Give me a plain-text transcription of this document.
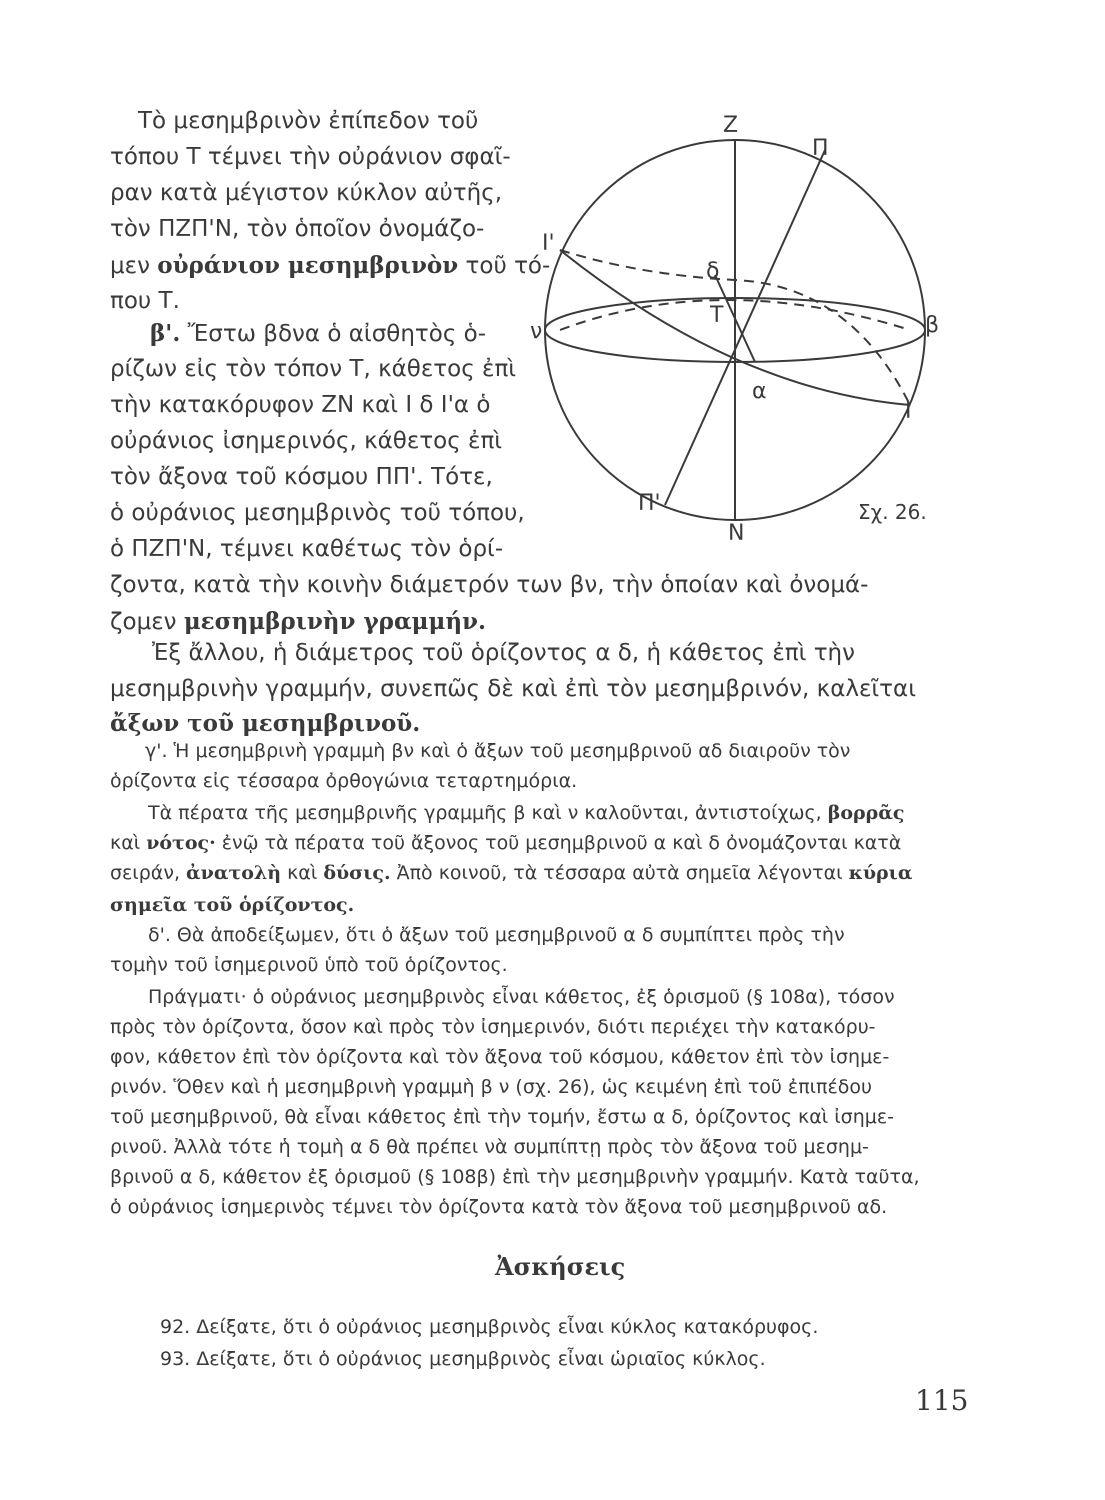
Τὸ μεσημβρινὸν ἐπίπεδον τοῦ
τόπου Τ τέμνει τὴν οὐράνιον σφαῖ-
ραν κατὰ μέγιστον κύκλον αὐτῆς,
τὸν ΠΖΠ'Ν, τὸν ὁποῖον ὀνομάζο-
μεν οὐράνιον μεσημβρινὸν τοῦ τό-
που Τ.
β'. Ἔστω βδνα ὁ αἰσθητὸς ὁ-
ρίζων εἰς τὸν τόπον Τ, κάθετος ἐπὶ
τὴν κατακόρυφον ΖΝ καὶ Ι δ Ι'α ὁ
οὐράνιος ἰσημερινός, κάθετος ἐπὶ
τὸν ἄξονα τοῦ κόσμου ΠΠ'. Τότε,
ὁ οὐράνιος μεσημβρινὸς τοῦ τόπου,
ὁ ΠΖΠ'Ν, τέμνει καθέτως τὸν ὁρί-
ζοντα, κατὰ τὴν κοινὴν διάμετρόν των βν, τὴν ὁποίαν καὶ ὀνομά-
ζομεν μεσημβρινὴν γραμμήν.
Ἐξ ἄλλου, ἡ διάμετρος τοῦ ὁρίζοντος α δ, ἡ κάθετος ἐπὶ τὴν
μεσημβρινὴν γραμμήν, συνεπῶς δὲ καὶ ἐπὶ τὸν μεσημβρινόν, καλεῖται
ἄξων τοῦ μεσημβρινοῦ.
γ'. Ἡ μεσημβρινὴ γραμμὴ βν καὶ ὁ ἄξων τοῦ μεσημβρινοῦ αδ διαιροῦν τὸν
ὁρίζοντα εἰς τέσσαρα ὀρθογώνια τεταρτημόρια.
Τὰ πέρατα τῆς μεσημβρινῆς γραμμῆς β καὶ ν καλοῦνται, ἀντιστοίχως, βορρᾶς
καὶ νότος· ἐνῷ τὰ πέρατα τοῦ ἄξονος τοῦ μεσημβρινοῦ α καὶ δ ὀνομάζονται κατὰ
σειράν, ἀνατολὴ καὶ δύσις. Ἀπὸ κοινοῦ, τὰ τέσσαρα αὐτὰ σημεῖα λέγονται κύρια
σημεῖα τοῦ ὁρίζοντος.
δ'. Θὰ ἀποδείξωμεν, ὅτι ὁ ἄξων τοῦ μεσημβρινοῦ α δ συμπίπτει πρὸς τὴν
τομὴν τοῦ ἰσημερινοῦ ὑπὸ τοῦ ὁρίζοντος.
Πράγματι· ὁ οὐράνιος μεσημβρινὸς εἶναι κάθετος, ἐξ ὁρισμοῦ (§ 108α), τόσον
πρὸς τὸν ὁρίζοντα, ὅσον καὶ πρὸς τὸν ἰσημερινόν, διότι περιέχει τὴν κατακόρυ-
φον, κάθετον ἐπὶ τὸν ὁρίζοντα καὶ τὸν ἄξονα τοῦ κόσμου, κάθετον ἐπὶ τὸν ἰσημε-
ρινόν. Ὅθεν καὶ ἡ μεσημβρινὴ γραμμὴ β ν (σχ. 26), ὡς κειμένη ἐπὶ τοῦ ἐπιπέδου
τοῦ μεσημβρινοῦ, θὰ εἶναι κάθετος ἐπὶ τὴν τομήν, ἔστω α δ, ὁρίζοντος καὶ ἰσημε-
ρινοῦ. Ἀλλὰ τότε ἡ τομὴ α δ θὰ πρέπει νὰ συμπίπτῃ πρὸς τὸν ἄξονα τοῦ μεσημ-
βρινοῦ α δ, κάθετον ἐξ ὁρισμοῦ (§ 108β) ἐπὶ τὴν μεσημβρινὴν γραμμήν. Κατὰ ταῦτα,
ὁ οὐράνιος ἰσημερινὸς τέμνει τὸν ὁρίζοντα κατὰ τὸν ἄξονα τοῦ μεσημβρινοῦ αδ.
Ἀσκήσεις
92. Δείξατε, ὅτι ὁ οὐράνιος μεσημβρινὸς εἶναι κύκλος κατακόρυφος.
93. Δείξατε, ὅτι ὁ οὐράνιος μεσημβρινὸς εἶναι ὡριαῖος κύκλος.
115
Ζ
Π
Ι'
δ
Τ
ν	β
α
Ι
Π'
Ν
Σχ. 26.
